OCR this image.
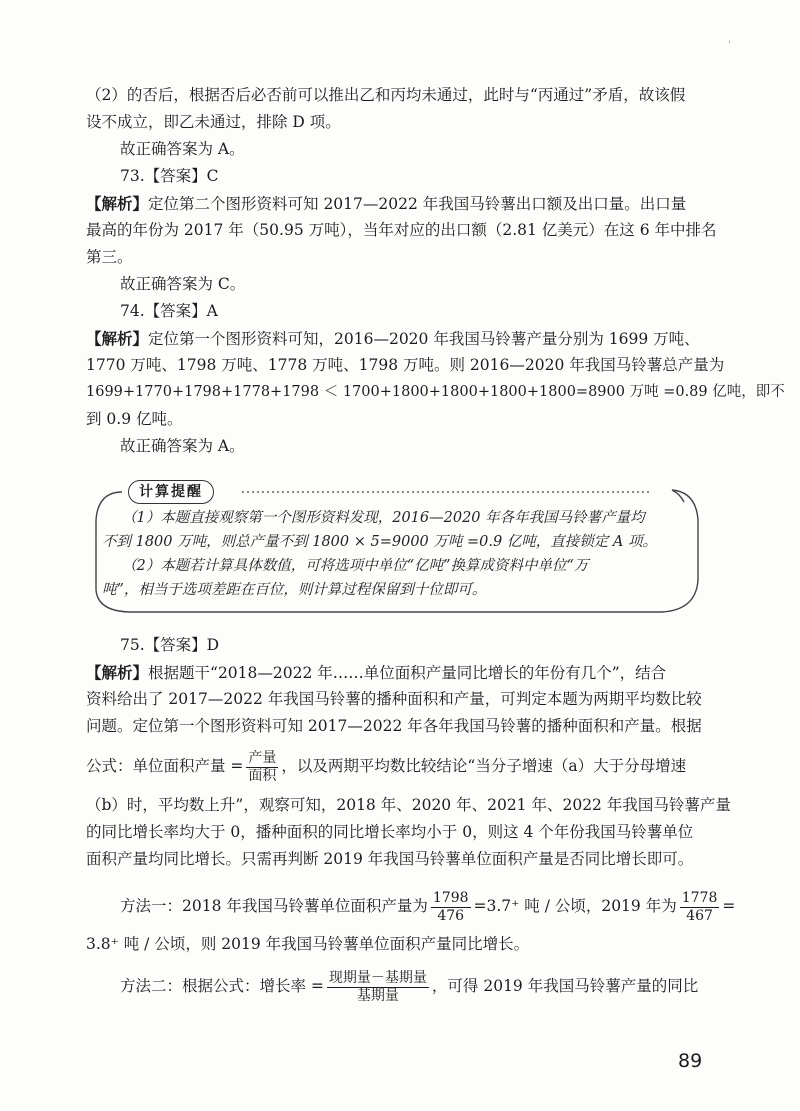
'
（2）的否后，根据否后必否前可以推出乙和丙均未通过，此时与“丙通过”矛盾，故该假
设不成立，即乙未通过，排除 D 项。
故正确答案为 A。
73.【答案】C
【解析】定位第二个图形资料可知 2017—2022 年我国马铃薯出口额及出口量。出口量
最高的年份为 2017 年（50.95 万吨），当年对应的出口额（2.81 亿美元）在这 6 年中排名
第三。
故正确答案为 C。
74.【答案】A
【解析】定位第一个图形资料可知，2016—2020 年我国马铃薯产量分别为 1699 万吨、
1770 万吨、1798 万吨、1778 万吨、1798 万吨。则 2016—2020 年我国马铃薯总产量为
1699+1770+1798+1778+1798 ＜ 1700+1800+1800+1800+1800=8900 万吨 =0.89 亿吨，即不
到 0.9 亿吨。
故正确答案为 A。
计算提醒
（1）本题直接观察第一个图形资料发现，2016—2020 年各年我国马铃薯产量均
不到 1800 万吨，则总产量不到 1800 × 5=9000 万吨 =0.9 亿吨，直接锁定 A 项。
（2）本题若计算具体数值，可将选项中单位“亿吨”换算成资料中单位“万
吨”，相当于选项差距在百位，则计算过程保留到十位即可。
75.【答案】D
【解析】根据题干“2018—2022 年……单位面积产量同比增长的年份有几个”，结合
资料给出了 2017—2022 年我国马铃薯的播种面积和产量，可判定本题为两期平均数比较
问题。定位第一个图形资料可知 2017—2022 年各年我国马铃薯的播种面积和产量。根据
公式：单位面积产量 = $\frac{\text{产量}}{\text{面积}}$ ，以及两期平均数比较结论“当分子增速（a）大于分母增速
（b）时，平均数上升”，观察可知，2018 年、2020 年、2021 年、2022 年我国马铃薯产量
的同比增长率均大于 0，播种面积的同比增长率均小于 0，则这 4 个年份我国马铃薯单位
面积产量均同比增长。只需再判断 2019 年我国马铃薯单位面积产量是否同比增长即可。
方法一：2018 年我国马铃薯单位面积产量为 $\frac{1798}{476} =3.7^+$ 吨 / 公顷，2019 年为 $\frac{1778}{467}$ =
3.8⁺ 吨 / 公顷，则 2019 年我国马铃薯单位面积产量同比增长。
方法二：根据公式：增长率 = $\frac{\text{现期量－基期量}}{\text{基期量}}$ ，可得 2019 年我国马铃薯产量的同比
89
